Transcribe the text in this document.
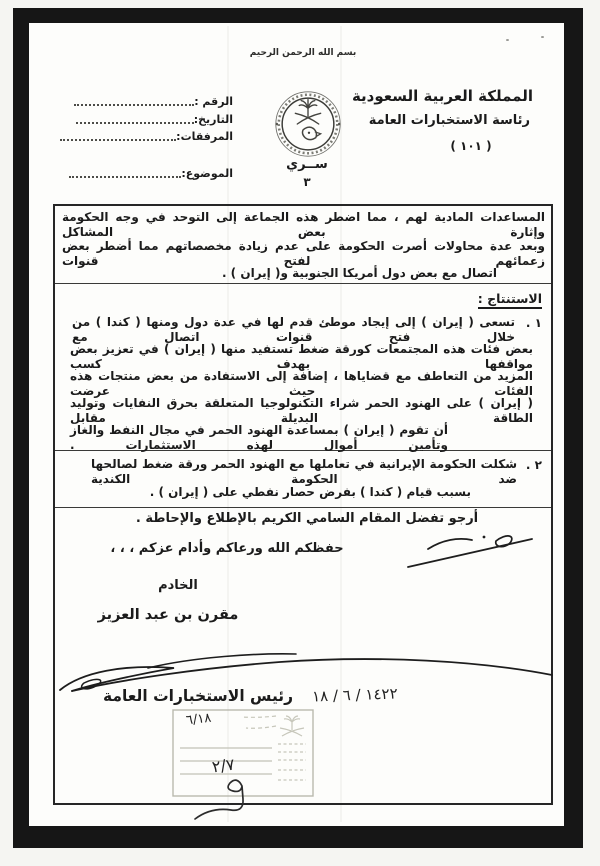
بسم الله الرحمن الرحيم
المملكة العربية السعودية
رئاسة الاستخبارات العامة
( ١٠١ )
ســري
٣
الرقم :
التاريخ:
المرفقات:
الموضوع:
المساعدات المادية لهم ، مما اضطر هذه الجماعة إلى التوحد في وجه الحكومة وإثارة بعض المشاكل
وبعد عدة محاولات أصرت الحكومة على عدم زيادة مخصصاتهم مما أضطر بعض زعمائهم لفتح قنوات
اتصال مع بعض دول أمريكا الجنوبية و( إيران ) .
الاستنتاج :
١ .
تسعى ( إيران ) إلى إيجاد موطئ قدم لها في عدة دول ومنها ( كندا ) من خلال فتح قنوات اتصال مع
بعض فئات هذه المجتمعات كورقة ضغط تستفيد منها ( إيران ) في تعزيز بعض مواقفها بهدف كسب
المزيد من التعاطف مع قضاياها ، إضافة إلى الاستفادة من بعض منتجات هذه الفئات حيث عرضت
( إيران ) على الهنود الحمر شراء التكنولوجيا المتعلقة بحرق النفايات وتوليد الطاقة البديلة مقابل
أن تقوم ( إيران ) بمساعدة الهنود الحمر في مجال النفط والغاز وتأمين أموال لهذه الاستثمارات .
٢ .
شكلت الحكومة الإيرانية في تعاملها مع الهنود الحمر ورقة ضغط لصالحها ضد الحكومة الكندية
بسبب قيام ( كندا ) بفرض حصار نفطي على ( إيران ) .
أرجو تفضل المقام السامي الكريم بالإطلاع والإحاطة .
حفظكم الله ورعاكم وأدام عزكم ، ، ،
الخادم
مقرن بن عبد العزيز
رئيس الاستخبارات العامة ١٤٢٢ / ٦ / ١٨
٦/١٨
٢/٧
